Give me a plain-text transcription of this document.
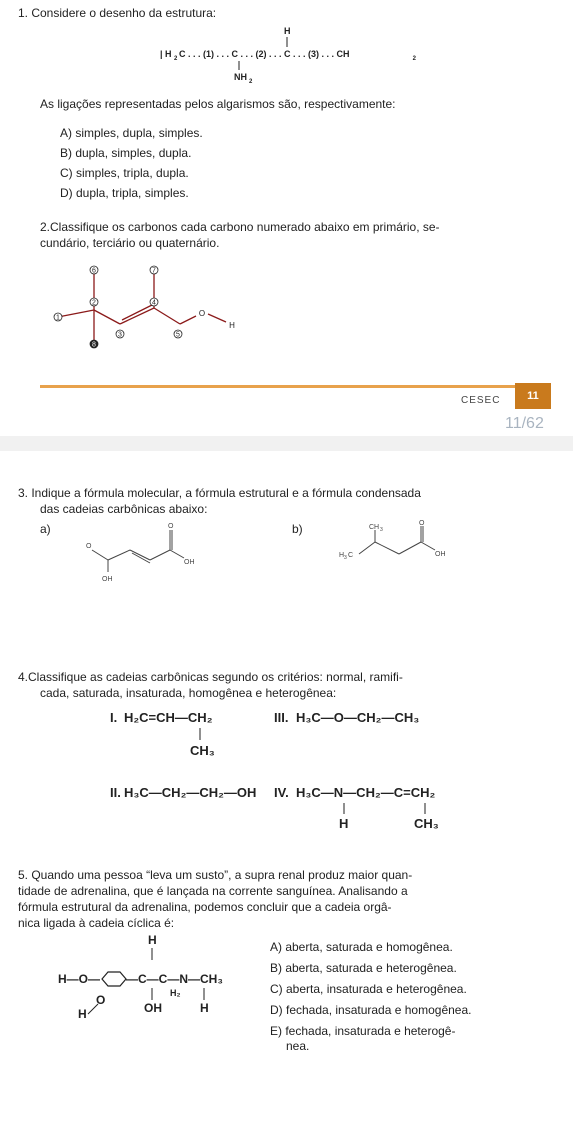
1. Considere o desenho da estrutura:
| H 2 C . . . (1) . . . C . . . (2) . . . C . . . (3) . . . CH	2
H
NH 2
As ligações representadas pelos algarismos são, respectivamente:
A) simples, dupla, simples.
B) dupla, simples, dupla.
C) simples, tripla, dupla.
D) dupla, tripla, simples.
2.Classifique os carbonos cada carbono numerado abaixo em primário, se-
cundário, terciário ou quaternário.
1
2
3
4
5
6	7
8
O
H
CESEC	11
11/62
3. Indique a fórmula molecular, a fórmula estrutural e a fórmula condensada
das cadeias carbônicas abaixo:
a)	b)
O
O
OH
OH
CH 3
H 3 C
O
OH
4.Classifique as cadeias carbônicas segundo os critérios: normal, ramifi-
cada, saturada, insaturada, homogênea e heterogênea:
I. H₂C=CH—CH₂
CH₃
III. H₃C—O—CH₂—CH₃
II. H₃C—CH₂—CH₂—OH IV. H₃C—N—CH₂—C=CH₂
H	CH₃
5. Quando uma pessoa “leva um susto”, a supra renal produz maior quan-
tidade de adrenalina, que é lançada na corrente sanguínea. Analisando a
fórmula estrutural da adrenalina, podemos concluir que a cadeia orgâ-
nica ligada à cadeia cíclica é:
H
H—O— —C—C—N—CH₃
OH
H₂
H
H
O
A) aberta, saturada e homogênea.
B) aberta, saturada e heterogênea.
C) aberta, insaturada e heterogênea.
D) fechada, insaturada e homogênea.
E) fechada, insaturada e heterogê-
nea.
